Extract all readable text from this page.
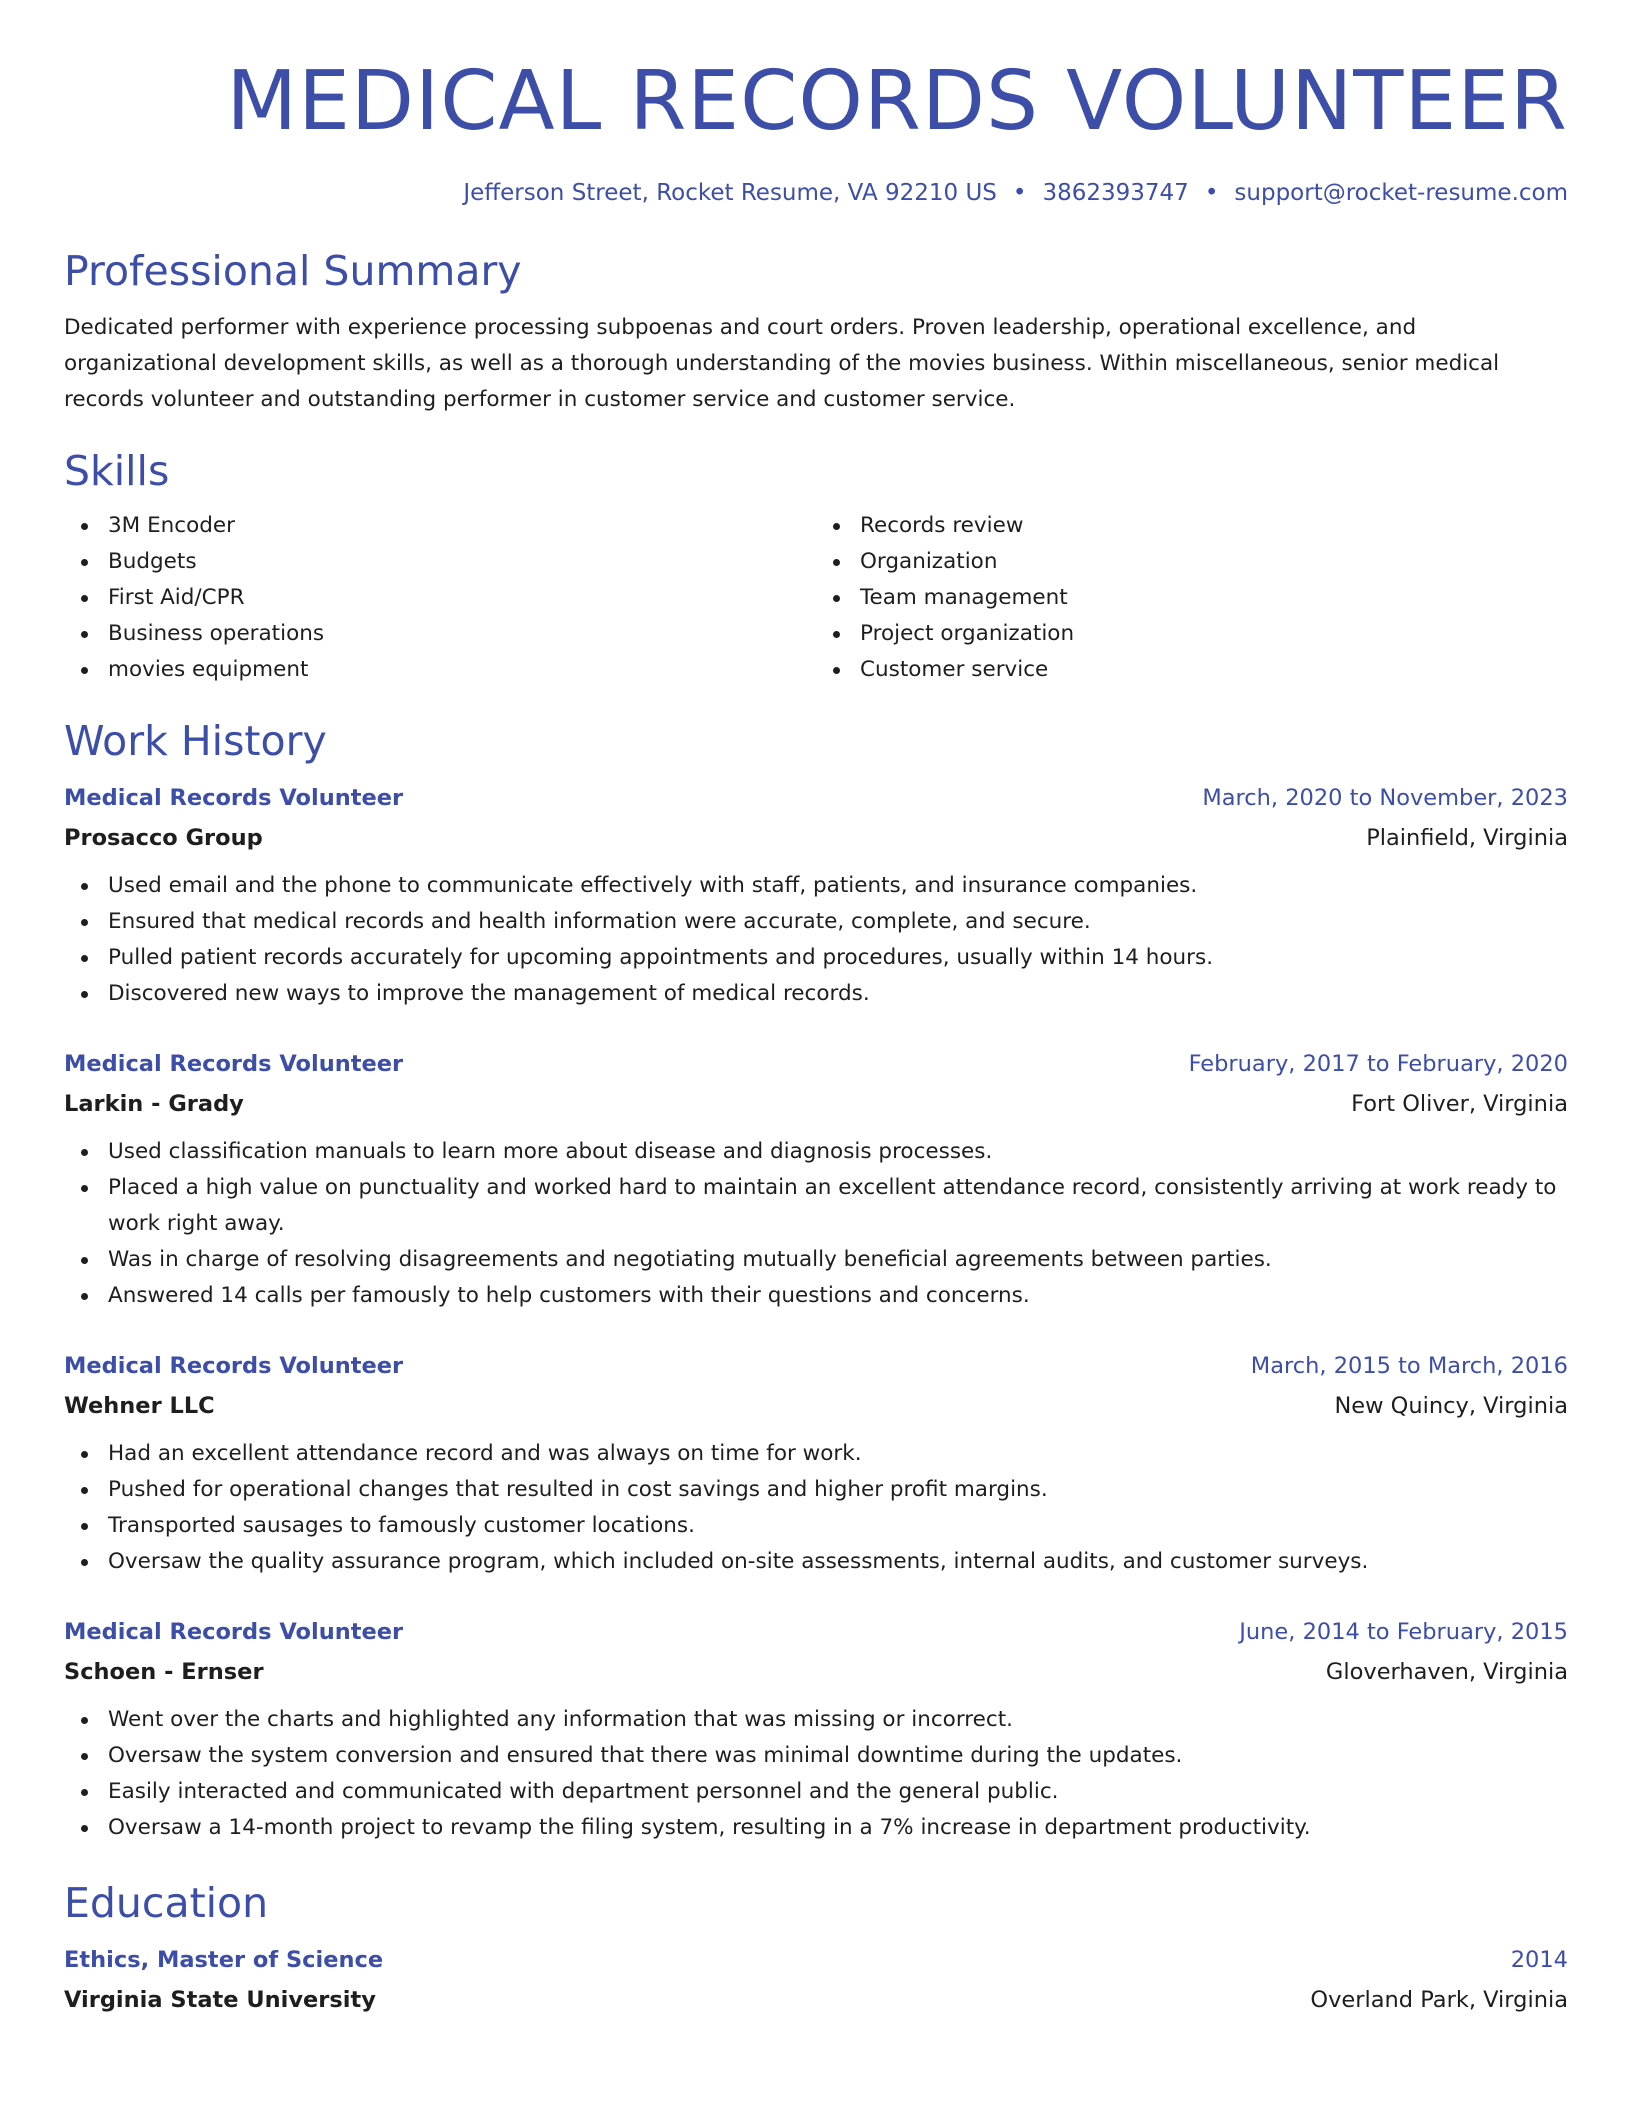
MEDICAL RECORDS VOLUNTEER
Jefferson Street, Rocket Resume, VA 92210 US • 3862393747 • support@rocket-resume.com
Professional Summary

Dedicated performer with experience processing subpoenas and court orders. Proven leadership, operational excellence, and organizational development skills, as well as a thorough understanding of the movies business. Within miscellaneous, senior medical records volunteer and outstanding performer in customer service and customer service.

Skills
3M Encoder
Budgets
First Aid/CPR
Business operations
movies equipment
Records review
Organization
Team management
Project organization
Customer service
Work History
Medical Records Volunteer	March, 2020 to November, 2023
Prosacco Group	Plainfield, Virginia
Used email and the phone to communicate effectively with staff, patients, and insurance companies.
Ensured that medical records and health information were accurate, complete, and secure.
Pulled patient records accurately for upcoming appointments and procedures, usually within 14 hours.
Discovered new ways to improve the management of medical records.
Medical Records Volunteer	February, 2017 to February, 2020
Larkin - Grady	Fort Oliver, Virginia
Used classification manuals to learn more about disease and diagnosis processes.
Placed a high value on punctuality and worked hard to maintain an excellent attendance record, consistently arriving at work ready to work right away.
Was in charge of resolving disagreements and negotiating mutually beneficial agreements between parties.
Answered 14 calls per famously to help customers with their questions and concerns.
Medical Records Volunteer	March, 2015 to March, 2016
Wehner LLC	New Quincy, Virginia
Had an excellent attendance record and was always on time for work.
Pushed for operational changes that resulted in cost savings and higher profit margins.
Transported sausages to famously customer locations.
Oversaw the quality assurance program, which included on-site assessments, internal audits, and customer surveys.
Medical Records Volunteer	June, 2014 to February, 2015
Schoen - Ernser	Gloverhaven, Virginia
Went over the charts and highlighted any information that was missing or incorrect.
Oversaw the system conversion and ensured that there was minimal downtime during the updates.
Easily interacted and communicated with department personnel and the general public.
Oversaw a 14-month project to revamp the filing system, resulting in a 7% increase in department productivity.
Education
Ethics, Master of Science	2014
Virginia State University	Overland Park, Virginia
